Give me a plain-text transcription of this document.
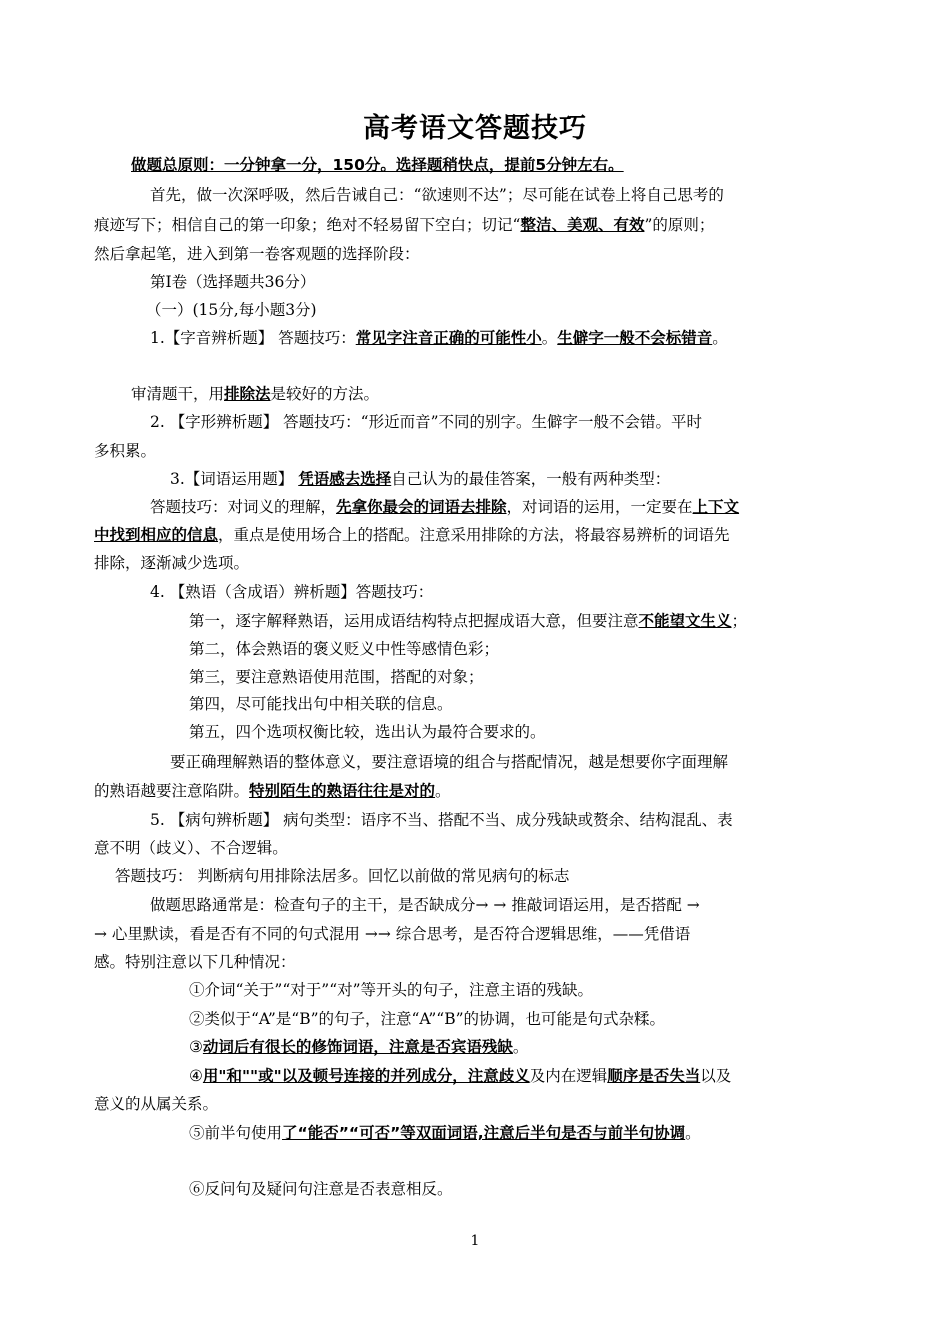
高考语文答题技巧
做题总原则：一分钟拿一分，150分。选择题稍快点，提前5分钟左右。
首先，做一次深呼吸，然后告诫自己：“欲速则不达”；尽可能在试卷上将自己思考的
痕迹写下；相信自己的第一印象；绝对不轻易留下空白；切记“整洁、美观、有效”的原则；
然后拿起笔，进入到第一卷客观题的选择阶段：
第Ⅰ卷（选择题共36分）
（一）(15分,每小题3分)
1.【字音辨析题】 答题技巧：常见字注音正确的可能性小。生僻字一般不会标错音。
审清题干，用排除法是较好的方法。
2. 【字形辨析题】 答题技巧：“形近而音”不同的别字。生僻字一般不会错。平时
多积累。
3.【词语运用题】 凭语感去选择自己认为的最佳答案，一般有两种类型：
答题技巧：对词义的理解，先拿你最会的词语去排除，对词语的运用，一定要在上下文
中找到相应的信息，重点是使用场合上的搭配。注意采用排除的方法，将最容易辨析的词语先
排除，逐渐减少选项。
4. 【熟语（含成语）辨析题】答题技巧：
第一，逐字解释熟语，运用成语结构特点把握成语大意，但要注意不能望文生义；
第二，体会熟语的褒义贬义中性等感情色彩；
第三，要注意熟语使用范围，搭配的对象；
第四，尽可能找出句中相关联的信息。
第五，四个选项权衡比较，选出认为最符合要求的。
要正确理解熟语的整体意义，要注意语境的组合与搭配情况，越是想要你字面理解
的熟语越要注意陷阱。特别陌生的熟语往往是对的。
5. 【病句辨析题】 病句类型：语序不当、搭配不当、成分残缺或赘余、结构混乱、表
意不明（歧义）、不合逻辑。
答题技巧： 判断病句用排除法居多。回忆以前做的常见病句的标志
做题思路通常是：检查句子的主干，是否缺成分→ → 推敲词语运用，是否搭配 →
→ 心里默读，看是否有不同的句式混用 →→ 综合思考，是否符合逻辑思维，——凭借语
感。特别注意以下几种情况：
①介词“关于”“对于”“对”等开头的句子，注意主语的残缺。
②类似于“A”是“B”的句子，注意“A”“B”的协调，也可能是句式杂糅。
③动词后有很长的修饰词语，注意是否宾语残缺。
④用"和""或"以及顿号连接的并列成分，注意歧义及内在逻辑顺序是否失当以及
意义的从属关系。
⑤前半句使用了“能否”“可否”等双面词语,注意后半句是否与前半句协调。
⑥反问句及疑问句注意是否表意相反。
1
